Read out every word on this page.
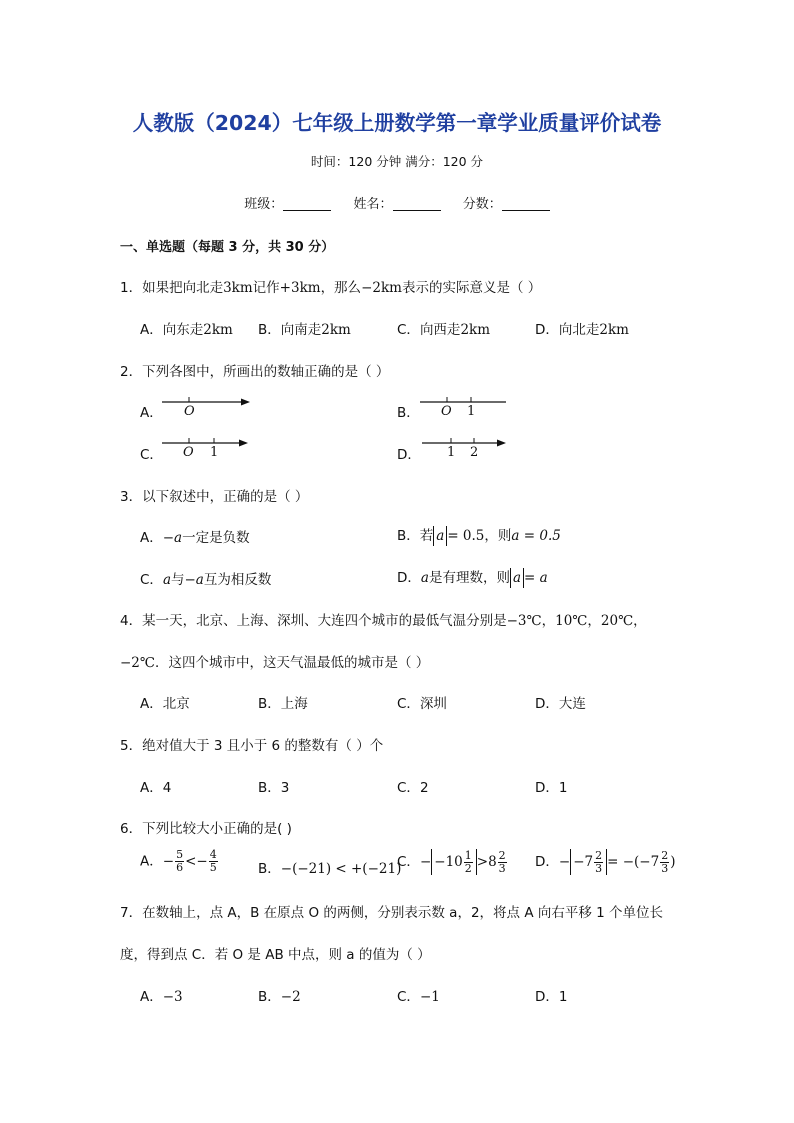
人教版（2024）七年级上册数学第一章学业质量评价试卷
时间：120 分钟 满分：120 分
班级：	姓名：	分数：
一、单选题（每题 3 分，共 30 分）
1．如果把向北走3km记作+3km，那么−2km表示的实际意义是（ ）
A．向东走2km B．向南走2km	C．向西走2km	D．向北走2km
2．下列各图中，所画出的数轴正确的是（ ）
A． O	B． O 1
C． O 1	D． 1 2
3．以下叙述中，正确的是（ ）
A．−a一定是负数	B．若 a = 0.5，则a = 0.5
C．a与−a互为相反数	D．a是有理数，则 a = a
4．某一天，北京、上海、深圳、大连四个城市的最低气温分别是−3℃，10℃，20℃，
−2℃．这四个城市中，这天气温最低的城市是（ ）
A．北京	B．上海	C．深圳	D．大连
5．绝对值大于 3 且小于 6 的整数有（ ）个
A．4	B．3	C．2	D．1
6．下列比较大小正确的是( )
A．− $\frac{5}{6} <- \frac{4}{5}$	B．−(−21) < +(−21)
C．− $-10 \frac{1}{2} >8 \frac{2}{3}$ D．− $-7 \frac{2}{3} = -(-7 \frac{2}{3}$ )
7．在数轴上，点 A，B 在原点 O 的两侧，分别表示数 a，2，将点 A 向右平移 1 个单位长
度，得到点 C．若 O 是 AB 中点，则 a 的值为（ ）
A．−3	B．−2	C．−1	D．1
